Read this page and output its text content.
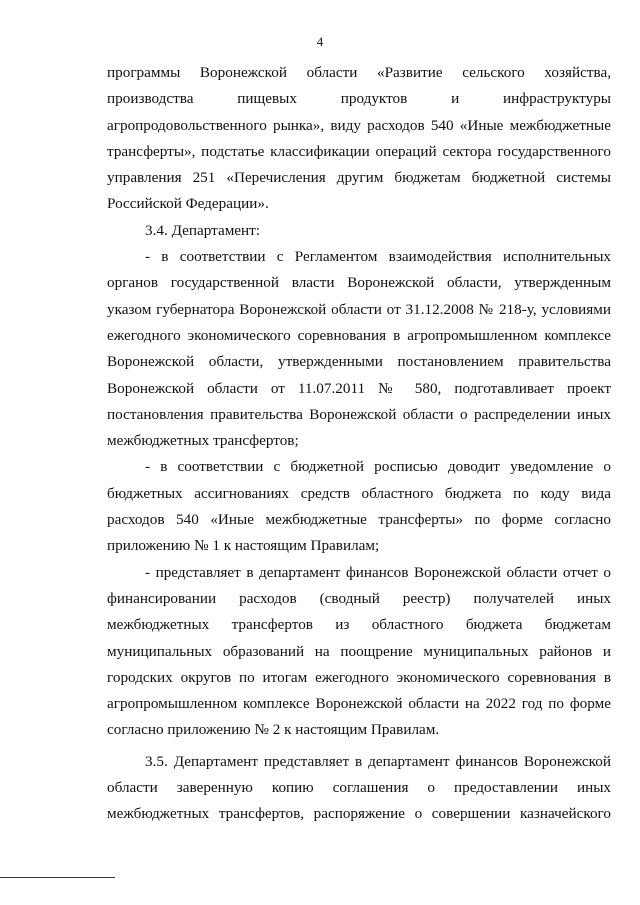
4
программы Воронежской области «Развитие сельского хозяйства,
производства пищевых продуктов и инфраструктуры
агропродовольственного рынка», виду расходов 540 «Иные межбюджетные
трансферты», подстатье классификации операций сектора государственного
управления 251 «Перечисления другим бюджетам бюджетной системы
Российской Федерации».
3.4. Департамент:
- в соответствии с Регламентом взаимодействия исполнительных
органов государственной власти Воронежской области, утвержденным
указом губернатора Воронежской области от 31.12.2008 № 218-у, условиями
ежегодного экономического соревнования в агропромышленном комплексе
Воронежской области, утвержденными постановлением правительства
Воронежской области от 11.07.2011 № 580, подготавливает проект
постановления правительства Воронежской области о распределении иных
межбюджетных трансфертов;
- в соответствии с бюджетной росписью доводит уведомление о
бюджетных ассигнованиях средств областного бюджета по коду вида
расходов 540 «Иные межбюджетные трансферты» по форме согласно
приложению № 1 к настоящим Правилам;
- представляет в департамент финансов Воронежской области отчет о
финансировании расходов (сводный реестр) получателей иных
межбюджетных трансфертов из областного бюджета бюджетам
муниципальных образований на поощрение муниципальных районов и
городских округов по итогам ежегодного экономического соревнования в
агропромышленном комплексе Воронежской области на 2022 год по форме
согласно приложению № 2 к настоящим Правилам.
3.5. Департамент представляет в департамент финансов Воронежской
области заверенную копию соглашения о предоставлении иных
межбюджетных трансфертов, распоряжение о совершении казначейского
